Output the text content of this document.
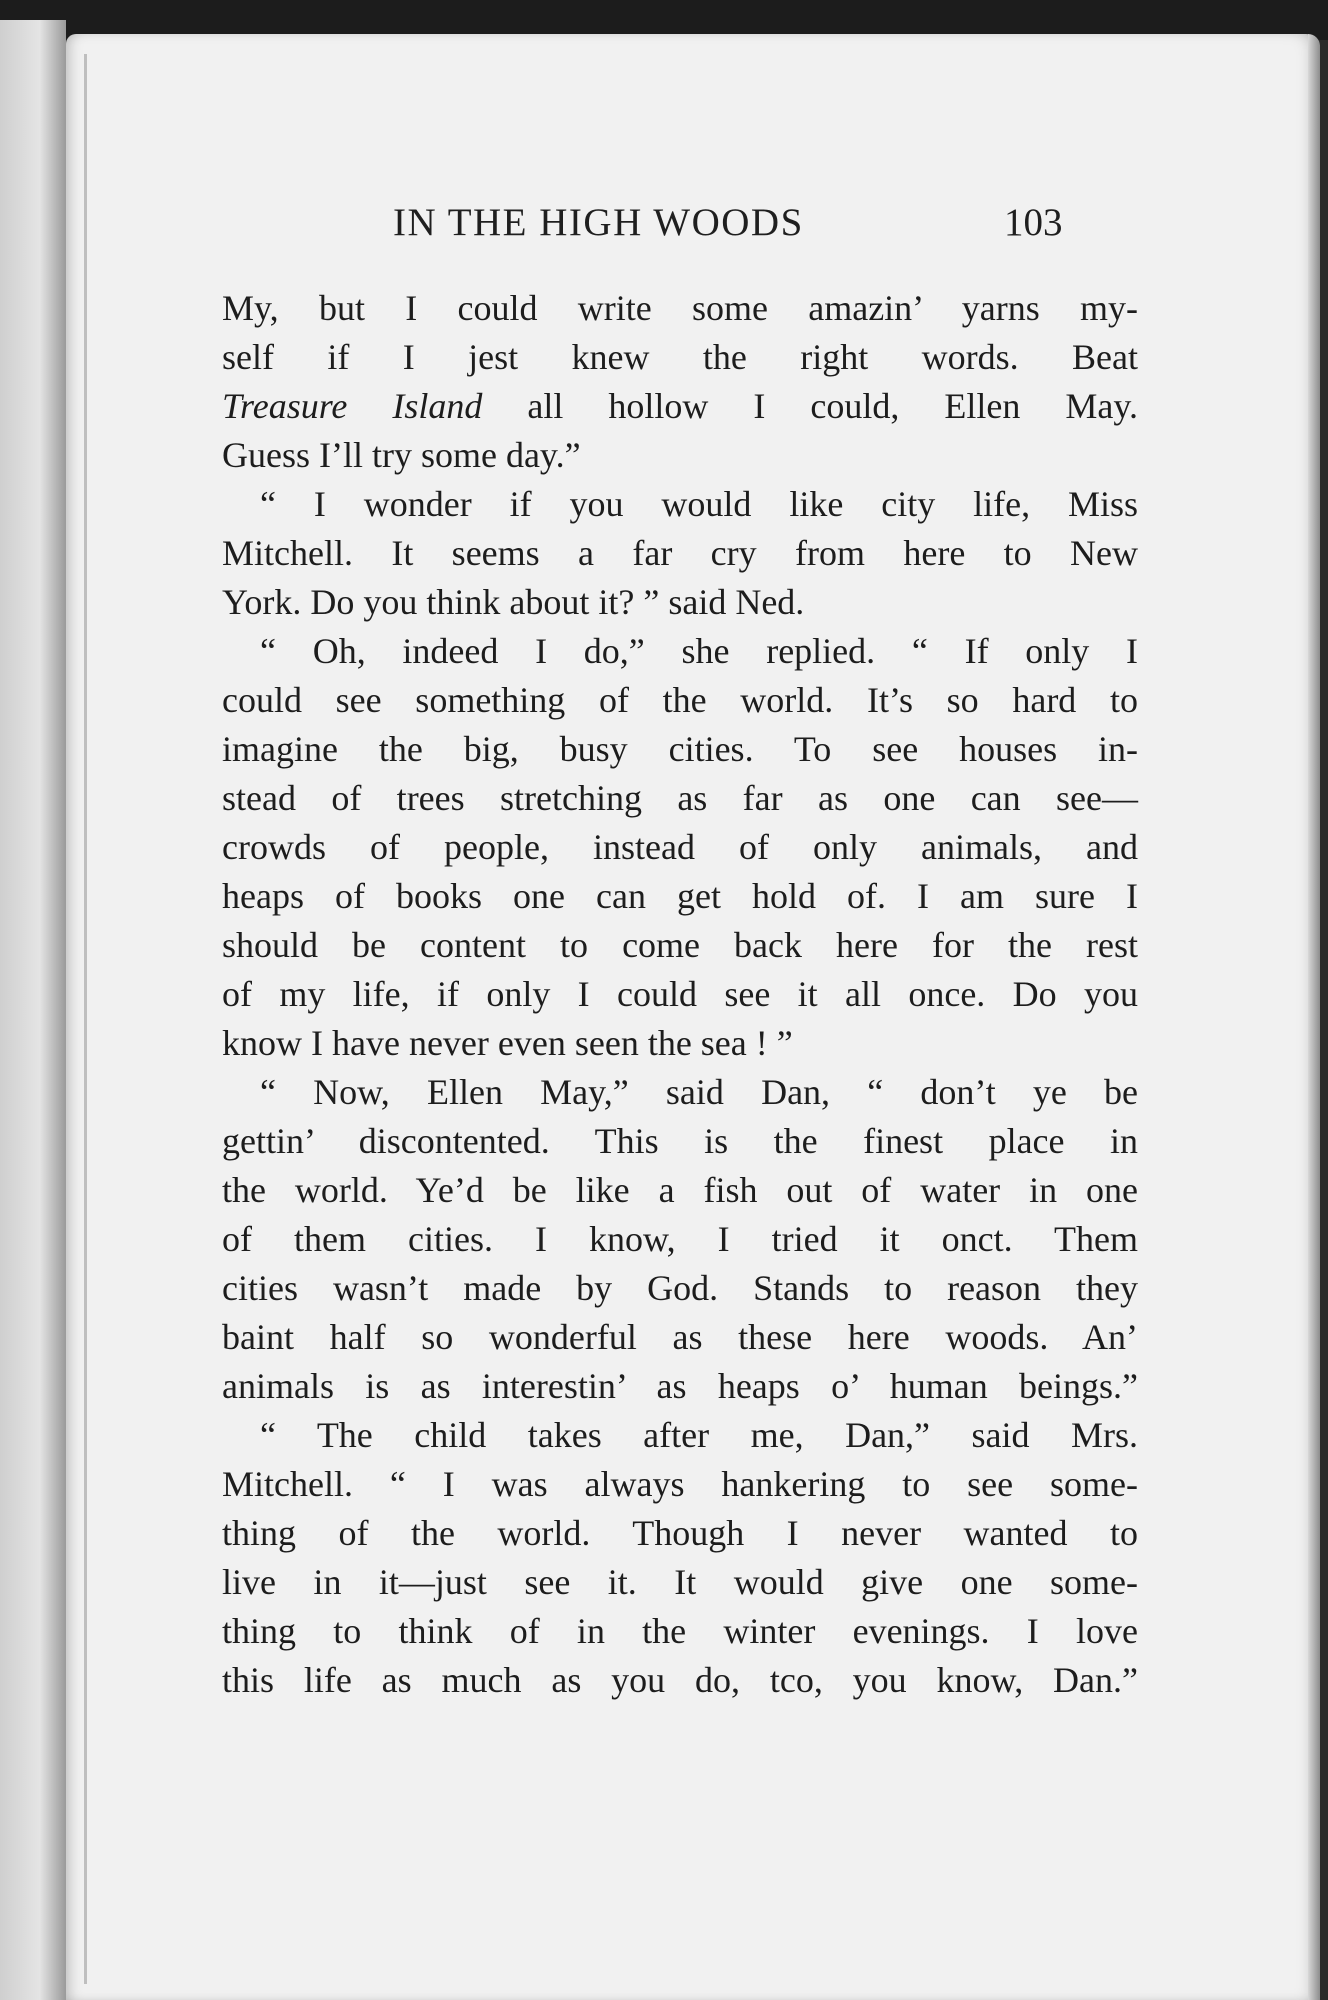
IN THE HIGH WOODS	103
My, but I could write some amazin’ yarns my-
self if I jest knew the right words. Beat
Treasure Island all hollow I could, Ellen May.
Guess I’ll try some day.”
“ I wonder if you would like city life, Miss
Mitchell. It seems a far cry from here to New
York. Do you think about it? ” said Ned.
“ Oh, indeed I do,” she replied. “ If only I
could see something of the world. It’s so hard to
imagine the big, busy cities. To see houses in-
stead of trees stretching as far as one can see—
crowds of people, instead of only animals, and
heaps of books one can get hold of. I am sure I
should be content to come back here for the rest
of my life, if only I could see it all once. Do you
know I have never even seen the sea ! ”
“ Now, Ellen May,” said Dan, “ don’t ye be
gettin’ discontented. This is the finest place in
the world. Ye’d be like a fish out of water in one
of them cities. I know, I tried it onct. Them
cities wasn’t made by God. Stands to reason they
baint half so wonderful as these here woods. An’
animals is as interestin’ as heaps o’ human beings.”
“ The child takes after me, Dan,” said Mrs.
Mitchell. “ I was always hankering to see some-
thing of the world. Though I never wanted to
live in it—just see it. It would give one some-
thing to think of in the winter evenings. I love
this life as much as you do, tco, you know, Dan.”
